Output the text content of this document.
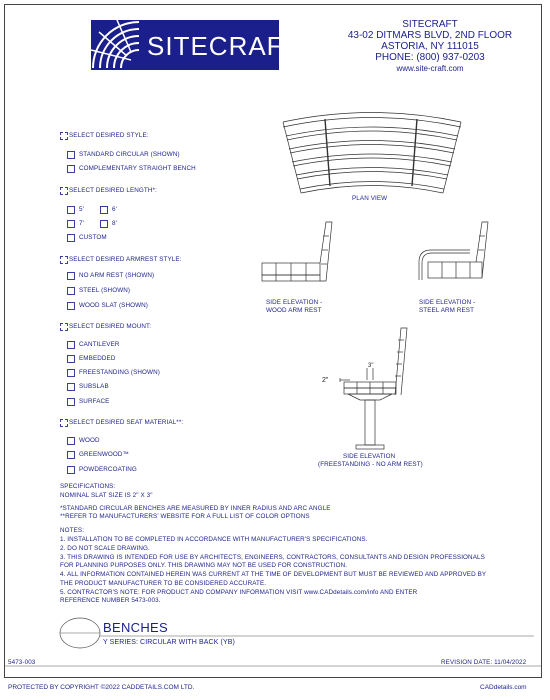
SITECRAFT
SITECRAFT
43-02 DITMARS BLVD, 2ND FLOOR
ASTORIA, NY 111015
PHONE: (800) 937-0203
www.site-craft.com
SELECT DESIRED STYLE:
STANDARD CIRCULAR (SHOWN)
COMPLEMENTARY STRAIGHT BENCH
SELECT DESIRED LENGTH*:
5'	6'
7'	8'
CUSTOM
SELECT DESIRED ARMREST STYLE:
NO ARM REST (SHOWN)
STEEL (SHOWN)
WOOD SLAT (SHOWN)
SELECT DESIRED MOUNT:
CANTILEVER
EMBEDDED
FREESTANDING (SHOWN)
SUBSLAB
SURFACE
SELECT DESIRED SEAT MATERIAL**:
WOOD
GREENWOOD™
POWDERCOATING
2"
3"
PLAN VIEW
SIDE ELEVATION -
WOOD ARM REST
SIDE ELEVATION -
STEEL ARM REST
SIDE ELEVATION
(FREESTANDING - NO ARM REST)
SPECIFICATIONS:
NOMINAL SLAT SIZE IS 2" X 3"
*STANDARD CIRCULAR BENCHES ARE MEASURED BY INNER RADIUS AND ARC ANGLE
**REFER TO MANUFACTURERS' WEBSITE FOR A FULL LIST OF COLOR OPTIONS
NOTES:
1. INSTALLATION TO BE COMPLETED IN ACCORDANCE WITH MANUFACTURER'S SPECIFICATIONS.
2. DO NOT SCALE DRAWING.
3. THIS DRAWING IS INTENDED FOR USE BY ARCHITECTS, ENGINEERS, CONTRACTORS, CONSULTANTS AND DESIGN PROFESSIONALS
FOR PLANNING PURPOSES ONLY. THIS DRAWING MAY NOT BE USED FOR CONSTRUCTION.
4. ALL INFORMATION CONTAINED HEREIN WAS CURRENT AT THE TIME OF DEVELOPMENT BUT MUST BE REVIEWED AND APPROVED BY
THE PRODUCT MANUFACTURER TO BE CONSIDERED ACCURATE.
5. CONTRACTOR'S NOTE: FOR PRODUCT AND COMPANY INFORMATION VISIT www.CADdetails.com/info AND ENTER
REFERENCE NUMBER 5473-003.
BENCHES
Y SERIES: CIRCULAR WITH BACK (YB)
5473-003	REVISION DATE: 11/04/2022
PROTECTED BY COPYRIGHT ©2022 CADDETAILS.COM LTD.	CADdetails.com
